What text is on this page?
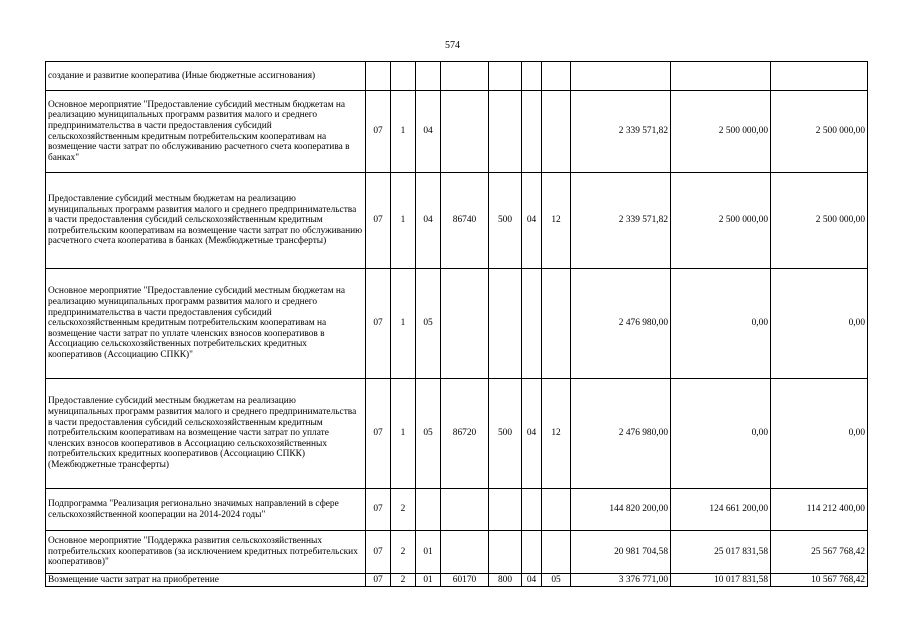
574
создание и развитие кооператива (Иные бюджетные ассигнования)										
Основное мероприятие "Предоставление субсидий местным бюджетам на реализацию муниципальных программ развития малого и среднего предпринимательства в части предоставления субсидий сельскохозяйственным кредитным потребительским кооперативам на возмещение части затрат по обслуживанию расчетного счета кооператива в банках"	07	1	04					2 339 571,82	2 500 000,00	2 500 000,00
Предоставление субсидий местным бюджетам на реализацию муниципальных программ развития малого и среднего предпринимательства в части предоставления субсидий сельскохозяйственным кредитным потребительским кооперативам на возмещение части затрат по обслуживанию расчетного счета кооператива в банках (Межбюджетные трансферты)	07	1	04	86740	500	04	12	2 339 571,82	2 500 000,00	2 500 000,00
Основное мероприятие "Предоставление субсидий местным бюджетам на реализацию муниципальных программ развития малого и среднего предпринимательства в части предоставления субсидий сельскохозяйственным кредитным потребительским кооперативам на возмещение части затрат по уплате членских взносов кооперативов в Ассоциацию сельскохозяйственных потребительских кредитных кооперативов (Ассоциацию СПКК)"	07	1	05					2 476 980,00	0,00	0,00
Предоставление субсидий местным бюджетам на реализацию муниципальных программ развития малого и среднего предпринимательства в части предоставления субсидий сельскохозяйственным кредитным потребительским кооперативам на возмещение части затрат по уплате членских взносов кооперативов в Ассоциацию сельскохозяйственных потребительских кредитных кооперативов (Ассоциацию СПКК) (Межбюджетные трансферты)	07	1	05	86720	500	04	12	2 476 980,00	0,00	0,00
Подпрограмма "Реализация регионально значимых направлений в сфере сельскохозяйственной кооперации на 2014-2024 годы"	07	2						144 820 200,00	124 661 200,00	114 212 400,00
Основное мероприятие "Поддержка развития сельскохозяйственных потребительских кооперативов (за исключением кредитных потребительских кооперативов)"	07	2	01					20 981 704,58	25 017 831,58	25 567 768,42
Возмещение части затрат на приобретение	07	2	01	60170	800	04	05	3 376 771,00	10 017 831,58	10 567 768,42
